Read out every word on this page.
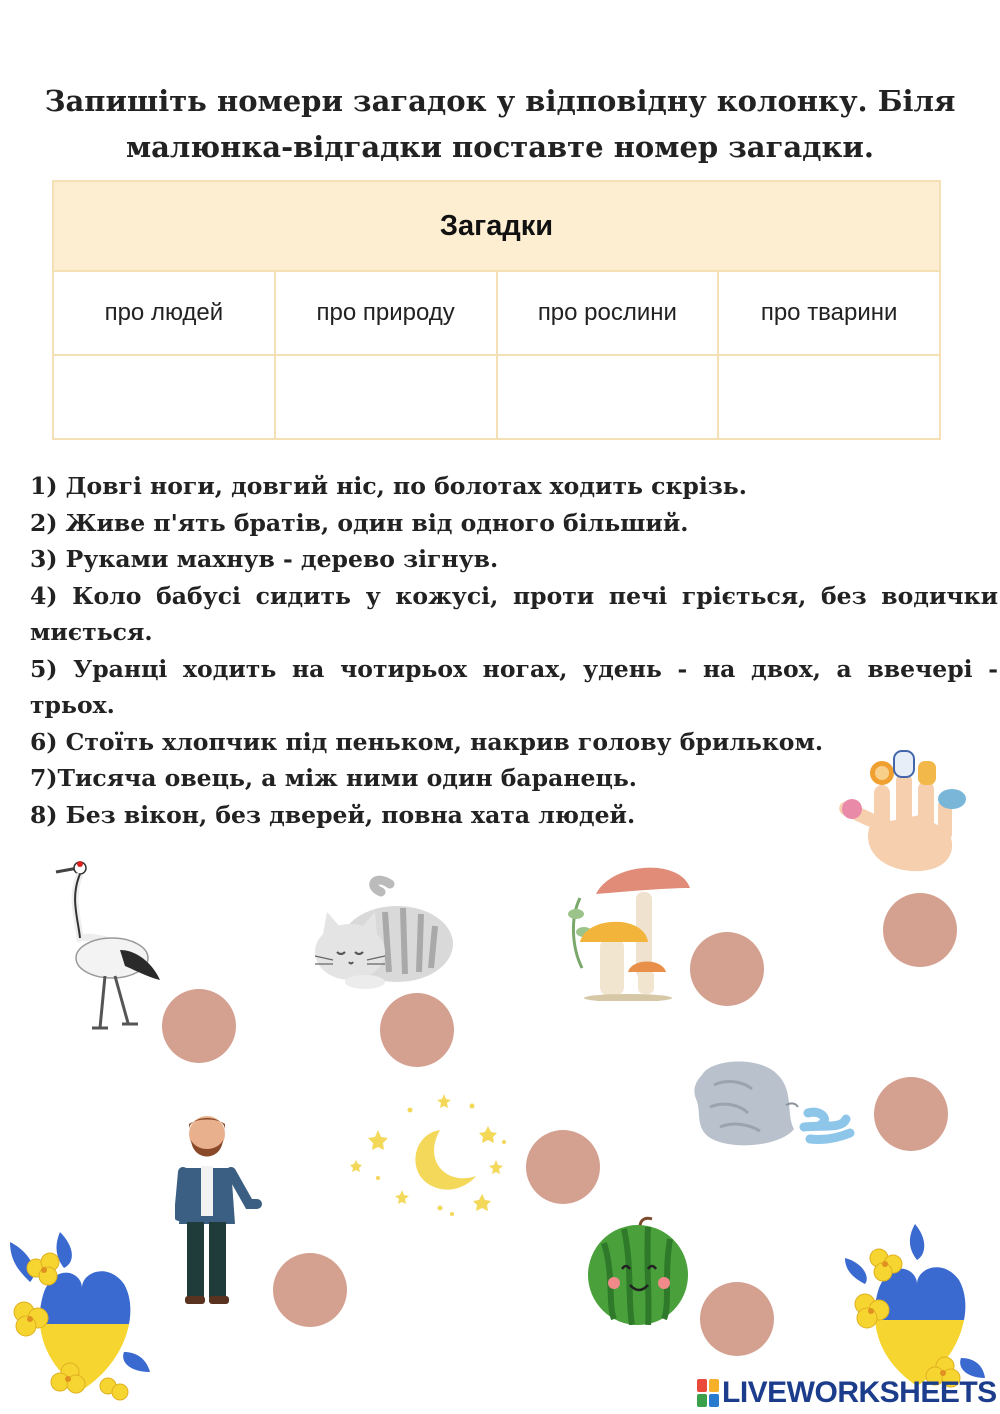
Запишіть номери загадок у відповідну колонку. Біля
малюнка-відгадки поставте номер загадки.
Загадки			
про людей	про природу	про рослини	про тварини

1) Довгі ноги, довгий ніс, по болотах ходить скрізь.
2) Живе п'ять братів, один від одного більший.
3) Руками махнув - дерево зігнув.
4) Коло бабусі сидить у кожусі, проти печі гріється, без водички
миється.
5) Уранці ходить на чотирьох ногах, удень - на двох, а ввечері -
трьох.
6) Стоїть хлопчик під пеньком, накрив голову брильком.
7)Тисяча овець, а між ними один баранець.
8) Без вікон, без дверей, повна хата людей.
LIVEWORKSHEETS
